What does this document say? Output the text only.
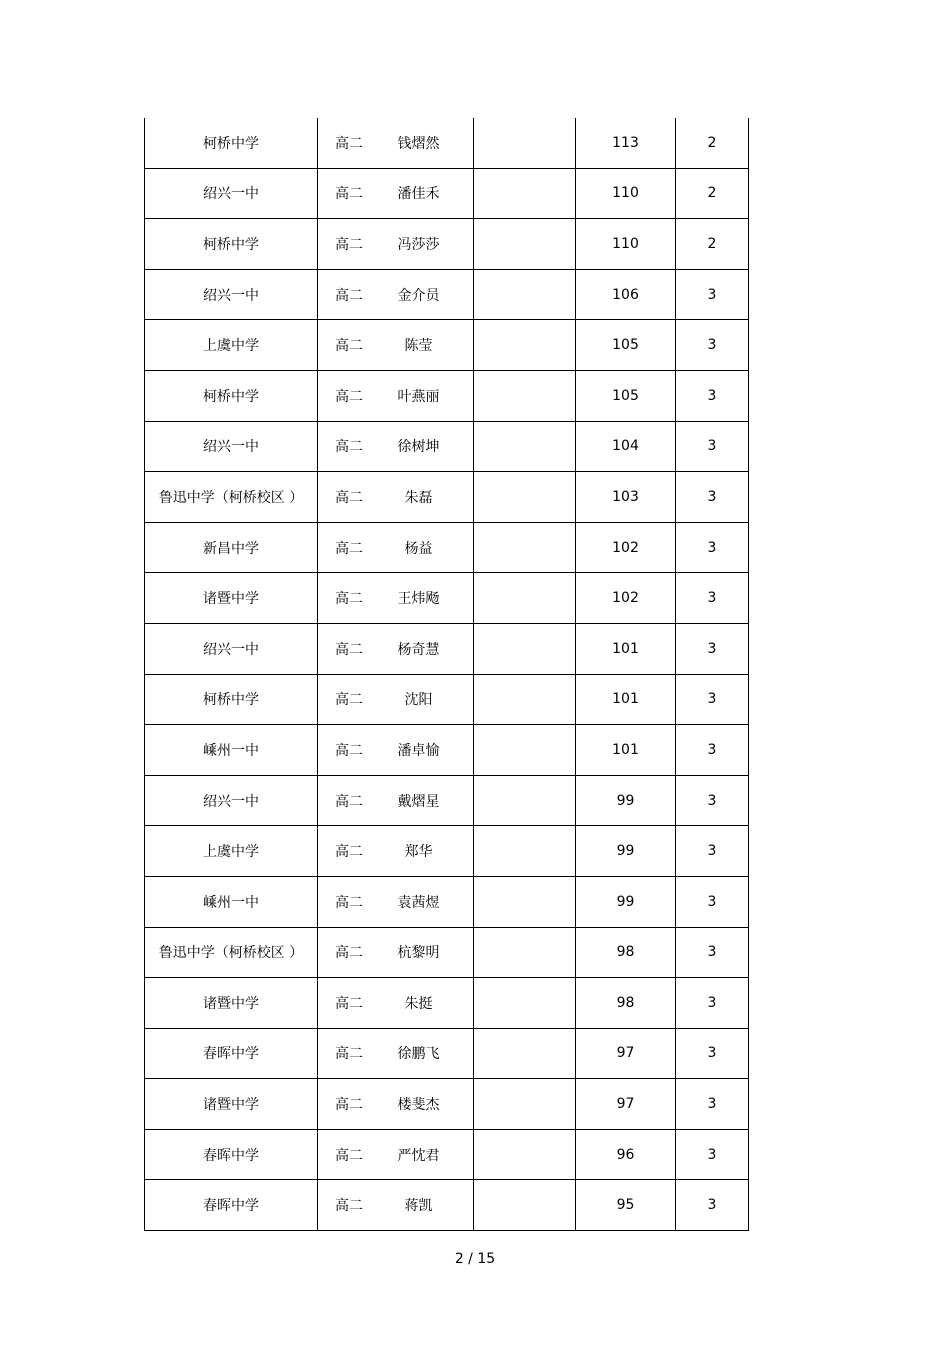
柯桥中学	高二 钱熠然		113	2
绍兴一中	高二 潘佳禾		110	2
柯桥中学	高二 冯莎莎		110	2
绍兴一中	高二 金介员		106	3
上虞中学	高二 陈莹		105	3
柯桥中学	高二 叶燕丽		105	3
绍兴一中	高二 徐树坤		104	3
鲁迅中学（柯桥校区 ）	高二 朱磊		103	3
新昌中学	高二 杨益		102	3
诸暨中学	高二 王炜飏		102	3
绍兴一中	高二 杨奇慧		101	3
柯桥中学	高二 沈阳		101	3
嵊州一中	高二 潘卓愉		101	3
绍兴一中	高二 戴熠星		99	3
上虞中学	高二 郑华		99	3
嵊州一中	高二 袁茜煜		99	3
鲁迅中学（柯桥校区 ）	高二 杭黎明		98	3
诸暨中学	高二 朱挺		98	3
春晖中学	高二 徐鹏飞		97	3
诸暨中学	高二 楼斐杰		97	3
春晖中学	高二 严忱君		96	3
春晖中学	高二 蒋凯		95	3
2 / 15
